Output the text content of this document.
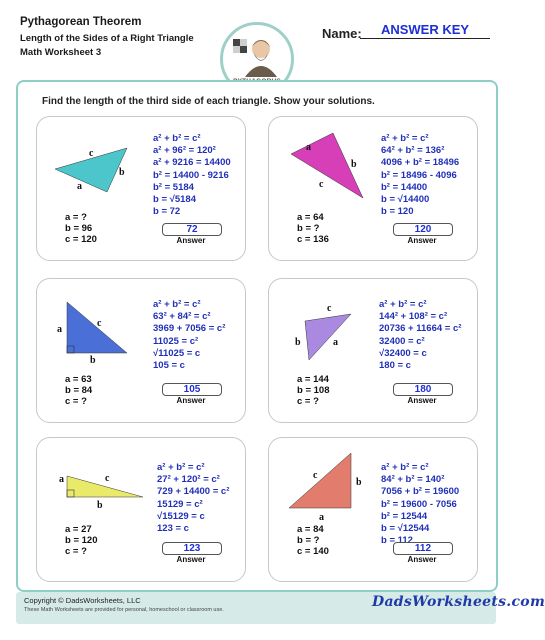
Pythagorean Theorem
Length of the Sides of a Right Triangle
Math Worksheet 3
Name:	ANSWER KEY
Find the length of the third side of each triangle. Show your solutions.
c
b
a
a = ?
b = 96
c = 120
a² + b² = c²
a² + 96² = 120²
a² + 9216 = 14400
b² = 14400 - 9216
b² = 5184
b = √5184
b = 72
72
Answer
a
b
c
a = 64
b = ?
c = 136
a² + b² = c²
64² + b² = 136²
4096 + b² = 18496
b² = 18496 - 4096
b² = 14400
b = √14400
b = 120
120
Answer
a
c
b
a = 63
b = 84
c = ?
a² + b² = c²
63² + 84² = c²
3969 + 7056 = c²
11025 = c²
√11025 = c
105 = c
105
Answer
c
a
b
a = 144
b = 108
c = ?
a² + b² = c²
144² + 108² = c²
20736 + 11664 = c²
32400 = c²
√32400 = c
180 = c
180
Answer
a	c
b
a = 27
b = 120
c = ?
a² + b² = c²
27² + 120² = c²
729 + 14400 = c²
15129 = c²
√15129 = c
123 = c
123
Answer
c
b
a
a = 84
b = ?
c = 140
a² + b² = c²
84² + b² = 140²
7056 + b² = 19600
b² = 19600 - 7056
b² = 12544
b = √12544
b = 112
112
Answer
Copyright © DadsWorksheets, LLC
These Math Worksheets are provided for personal, homeschool or classroom use.	DadsWorksheets.com
